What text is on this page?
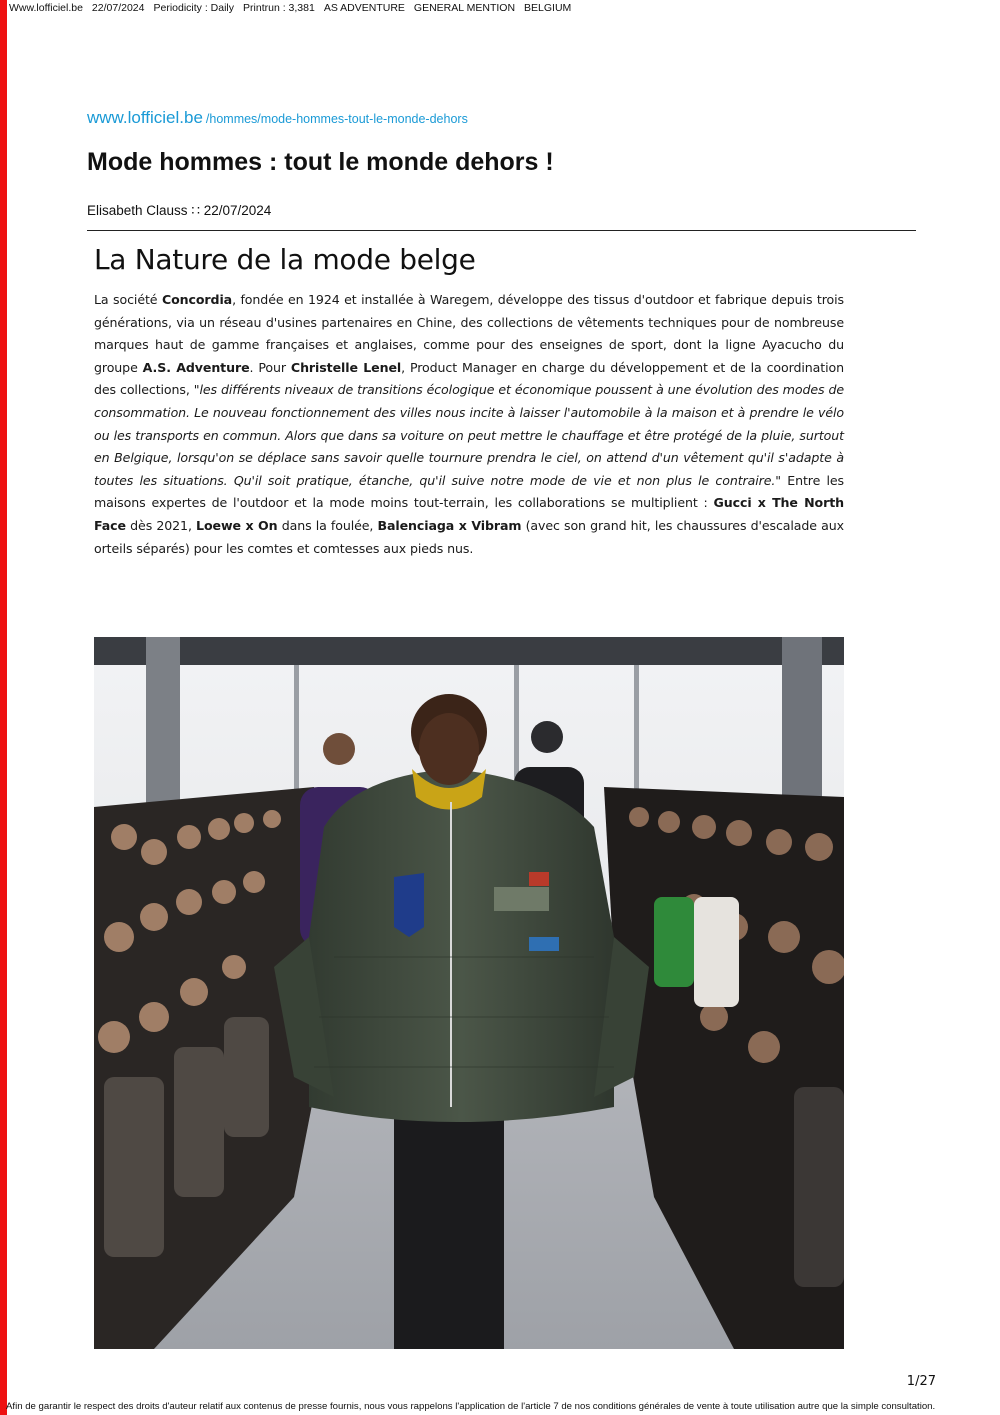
Www.lofficiel.be 22/07/2024 Periodicity : Daily Printrun : 3,381 AS ADVENTURE GENERAL MENTION BELGIUM
www.lofficiel.be /hommes/mode-hommes-tout-le-monde-dehors
Mode hommes : tout le monde dehors !
Elisabeth Clauss ∷ 22/07/2024
La Nature de la mode belge
La société Concordia, fondée en 1924 et installée à Waregem, développe des tissus d'outdoor et fabrique depuis trois générations, via un réseau d'usines partenaires en Chine, des collections de vêtements techniques pour de nombreuse marques haut de gamme françaises et anglaises, comme pour des enseignes de sport, dont la ligne Ayacucho du groupe A.S. Adventure. Pour Christelle Lenel, Product Manager en charge du développement et de la coordination des collections, "les différents niveaux de transitions écologique et économique poussent à une évolution des modes de consommation. Le nouveau fonctionnement des villes nous incite à laisser l'automobile à la maison et à prendre le vélo ou les transports en commun. Alors que dans sa voiture on peut mettre le chauffage et être protégé de la pluie, surtout en Belgique, lorsqu'on se déplace sans savoir quelle tournure prendra le ciel, on attend d'un vêtement qu'il s'adapte à toutes les situations. Qu'il soit pratique, étanche, qu'il suive notre mode de vie et non plus le contraire." Entre les maisons expertes de l'outdoor et la mode moins tout-terrain, les collaborations se multiplient : Gucci x The North Face dès 2021, Loewe x On dans la foulée, Balenciaga x Vibram (avec son grand hit, les chaussures d'escalade aux orteils séparés) pour les comtes et comtesses aux pieds nus.
1/27
Afin de garantir le respect des droits d'auteur relatif aux contenus de presse fournis, nous vous rappelons l'application de l'article 7 de nos conditions générales de vente à toute utilisation autre que la simple consultation.
